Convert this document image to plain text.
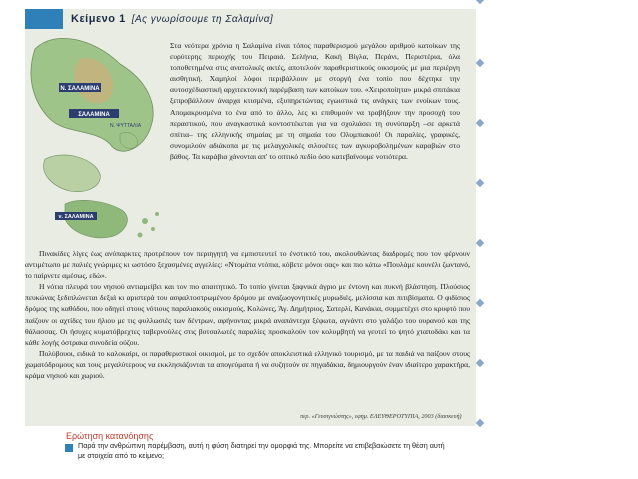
Ν. ΣΑΛΑΜΙΝΑ
ΣΑΛΑΜΙΝΑ
Ν. ΨΥΤΤΑΛΙΑ
ν. ΣΑΛΑΜΙΝΑ
Κείμενο 1 [Ας γνωρίσουμε τη Σαλαμίνα]

Στα νεότερα χρόνια η Σαλαμίνα είναι τόπος παραθερισμού μεγάλου αριθμού κατοίκων της ευρύτερης περιοχής του Πειραιά. Σελήνια, Κακή Βίγλα, Περάνι, Περιστέρια, όλα τοποθετημένα στις ανατολικές ακτές, αποτελούν παραθεριστικούς οικισμούς με μια περιέργη αισθητική. Χαμηλοί λόφοι περιβάλλουν με στοργή ένα τοπίο που δέχτηκε την αυτοσχέδιαστική αρχιτεκτονική παρέμβαση των κατοίκων του. «Χειροποίητα» μικρά σπιτάκια ξεπροβάλλουν άναρχα κτισμένα, εξυπηρετώντας εγωιστικά τις ανάγκες των ενοίκων τους. Απομακρυσμένα το ένα από το άλλο, λες κι επιθυμούν να τραβήξουν την προσοχή του περαστικού, που αναγκαστικά κοντοστέκεται για να σχολιάσει τη συνύπαρξη –σε αρκετά σπίτια– της ελληνικής σημαίας με τη σημαία του Ολυμπιακού! Οι παραλίες, γραφικές, συνομιλούν αδιάκοπα με τις μελαγχολικές σιλουέτες των αγκυροβολημένων καραβιών στο βάθος. Τα καράβια χάνονται απ' το οπτικό πεδίο όσο κατεβαίνουμε νοτιότερα.

Πινακίδες λίγες έως ανύπαρκτες προτρέπουν τον περιηγητή να εμπιστευτεί το ένστικτό του, ακολουθώντας διαδρομές που τον φέρνουν αντιμέτωπο με παλιές γνώριμες κι ωστόσο ξεχασμένες αγγελίες: «Ντομάτα ντόπια, κόβετε μόνοι σας» και πιο κάτω «Πουλάμε κουνέλι ζωντανό, το παίρνετε αμέσως, εδώ».

Η νότια πλευρά του νησιού αντιαμείβει και τον πιο απαιτητικό. Το τοπίο γίνεται ξαφνικά άγριο με έντονη και πυκνή βλάστηση. Πλούσιος πευκώνας ξεδιπλώνεται δεξιά κι αριστερά του ασφαλτοστρωμένου δρόμου με αναζωογονητικές μυρωδιές, μελίσσια και πιτιβίσματα. Ο φιδίσιος δρόμος της καθόδου, που οδηγεί στους νότιους παραλιακούς οικισμούς, Κολώνες, Άγ. Δημήτριος, Σατερλί, Κανάκια, συμμετέχει στο κρυφτό που παίζουν οι αχτίδες του ήλιου με τις φυλλωσιές των δέντρων, αφήνοντας μικρά αναπάντεχα ξέφωτα, αγνάντι στο γαλάζιο του ουρανού και της θάλασσας. Οι ήσυχες κυματόβρεχτες ταβερνούλες στις βοτσαλωτές παραλίες προσκαλούν τον κολυμβητή να γευτεί το ψητό χταποδάκι και τα κάθε λογής όστρακα συνοδεία ούζου.

Πολύβουοι, ειδικά το καλοκαίρι, οι παραθεριστικοί οικισμοί, με το σχεδόν αποκλειστικά ελληνικό τουρισμό, με τα παιδιά να παίζουν στους χωματόδρομους και τους μεγαλύτερους να εκκλησιάζονται τα απογεύματα ή να συζητούν σε πηγαδάκια, δημιουργούν έναν ιδιαίτερο χαρακτήρα, κράμα νησιού και χωριού.

περ. «Γευσιγνώστης», εφημ. ΕΛΕΥΘΕΡΟΤΥΠΙΑ, 2003 (διασκευή)
Ερώτηση κατανόησης
Παρά την ανθρώπινη παρέμβαση, αυτή η φύση διατηρεί την ομορφιά της. Μπορείτε να επιβεβαιώσετε τη θέση αυτή με στοιχεία από το κείμενο;
